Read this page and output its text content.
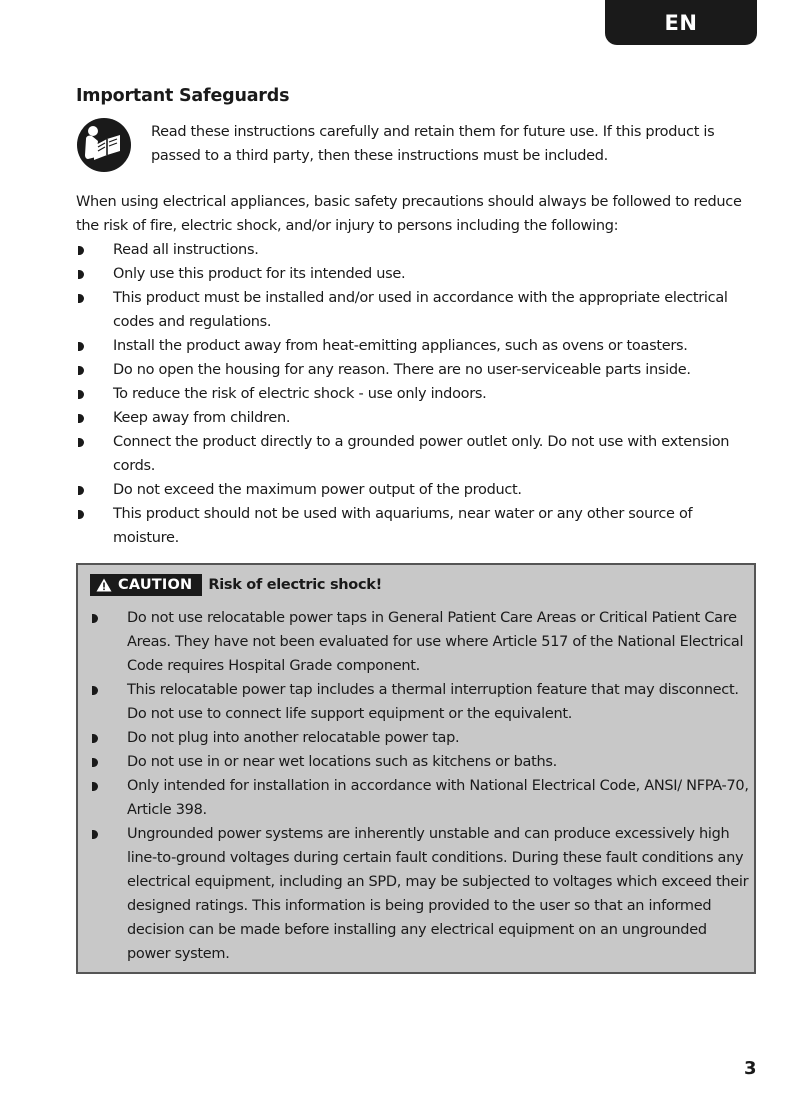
EN
Important Safeguards

Read these instructions carefully and retain them for future use. If this product is passed to a third party, then these instructions must be included.

When using electrical appliances, basic safety precautions should always be followed to reduce the risk of fire, electric shock, and/or injury to persons including the following:

Read all instructions.
Only use this product for its intended use.
This product must be installed and/or used in accordance with the appropriate electrical codes and regulations.
Install the product away from heat-emitting appliances, such as ovens or toasters.
Do no open the housing for any reason. There are no user-serviceable parts inside.
To reduce the risk of electric shock - use only indoors.
Keep away from children.
Connect the product directly to a grounded power outlet only. Do not use with extension cords.
Do not exceed the maximum power output of the product.
This product should not be used with aquariums, near water or any other source of moisture.
CAUTION Risk of electric shock!
Do not use relocatable power taps in General Patient Care Areas or Critical Patient Care Areas. They have not been evaluated for use where Article 517 of the National Electrical Code requires Hospital Grade component.
This relocatable power tap includes a thermal interruption feature that may disconnect. Do not use to connect life support equipment or the equivalent.
Do not plug into another relocatable power tap.
Do not use in or near wet locations such as kitchens or baths.
Only intended for installation in accordance with National Electrical Code, ANSI/ NFPA-70, Article 398.
Ungrounded power systems are inherently unstable and can produce excessively high line-to-ground voltages during certain fault conditions. During these fault conditions any electrical equipment, including an SPD, may be subjected to voltages which exceed their designed ratings. This information is being provided to the user so that an informed decision can be made before installing any electrical equipment on an ungrounded power system.
3
